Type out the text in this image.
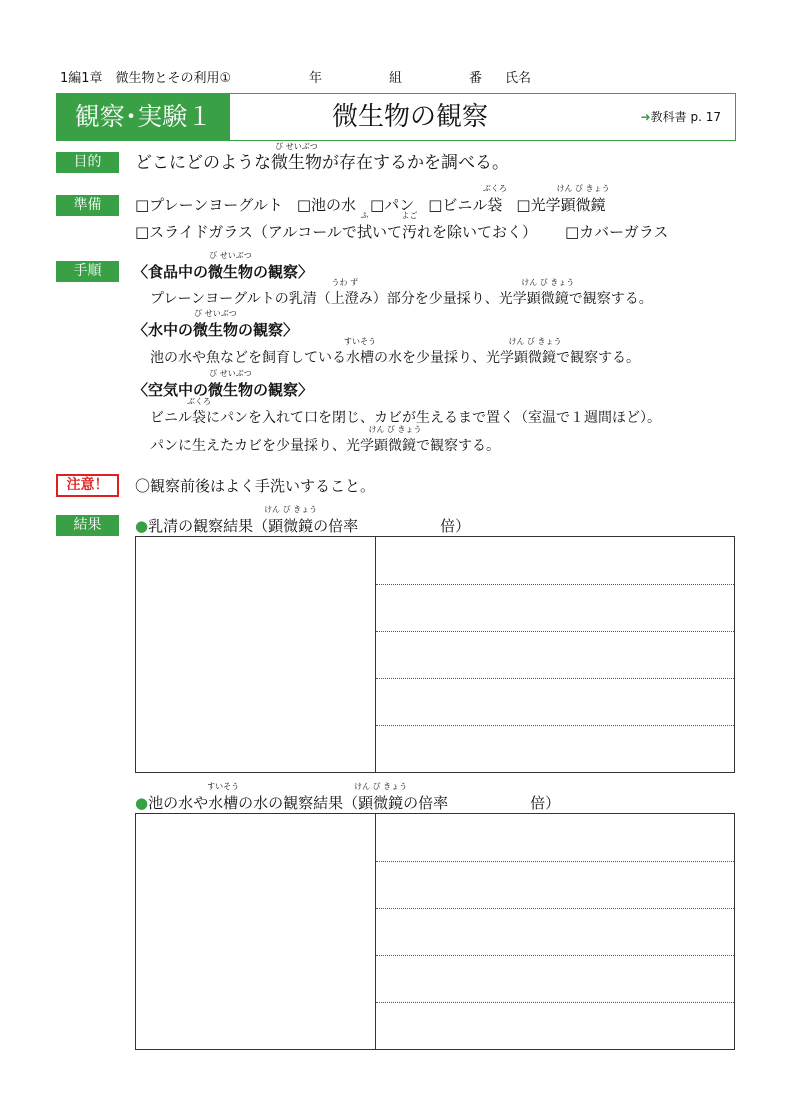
1編1章　微生物とその利用①	年	組	番 氏名
観察･実験１	微生物の観察	➜教科書 p. 17
目的	どこにどのような
び せいぶつ
微生物が存在するかを調べる。
準備	□プレーンヨーグルト □池の水 □パン □ビニル
ぶくろ
袋 □光学
けん び きょう
顕微鏡
□スライドガラス（アルコールで
ふ
拭いて
よご
汚れを除いておく） □カバーガラス
手順	〈食品中の
び せいぶつ
微生物の観察〉
プレーンヨーグルトの乳清（
うわ ず
上澄み）部分を少量採り、光学
けん び きょう
顕微鏡で観察する。
〈水中の
び せいぶつ
微生物の観察〉
池の水や魚などを飼育している
すいそう
水槽の水を少量採り、光学
けん び きょう
顕微鏡で観察する。
〈空気中の
び せいぶつ
微生物の観察〉
ビニル
ぶくろ
袋にパンを入れて口を閉じ、カビが生えるまで置く（室温で１週間ほど）。
パンに生えたカビを少量採り、光学
けん び きょう
顕微鏡で観察する。
注意！	〇観察前後はよく手洗いすること。
結果	●乳清の観察結果（
けん び きょう
顕微鏡の倍率	倍）
●池の水や
すいそう
水槽の水の観察結果（
けん び きょう
顕微鏡の倍率	倍）
